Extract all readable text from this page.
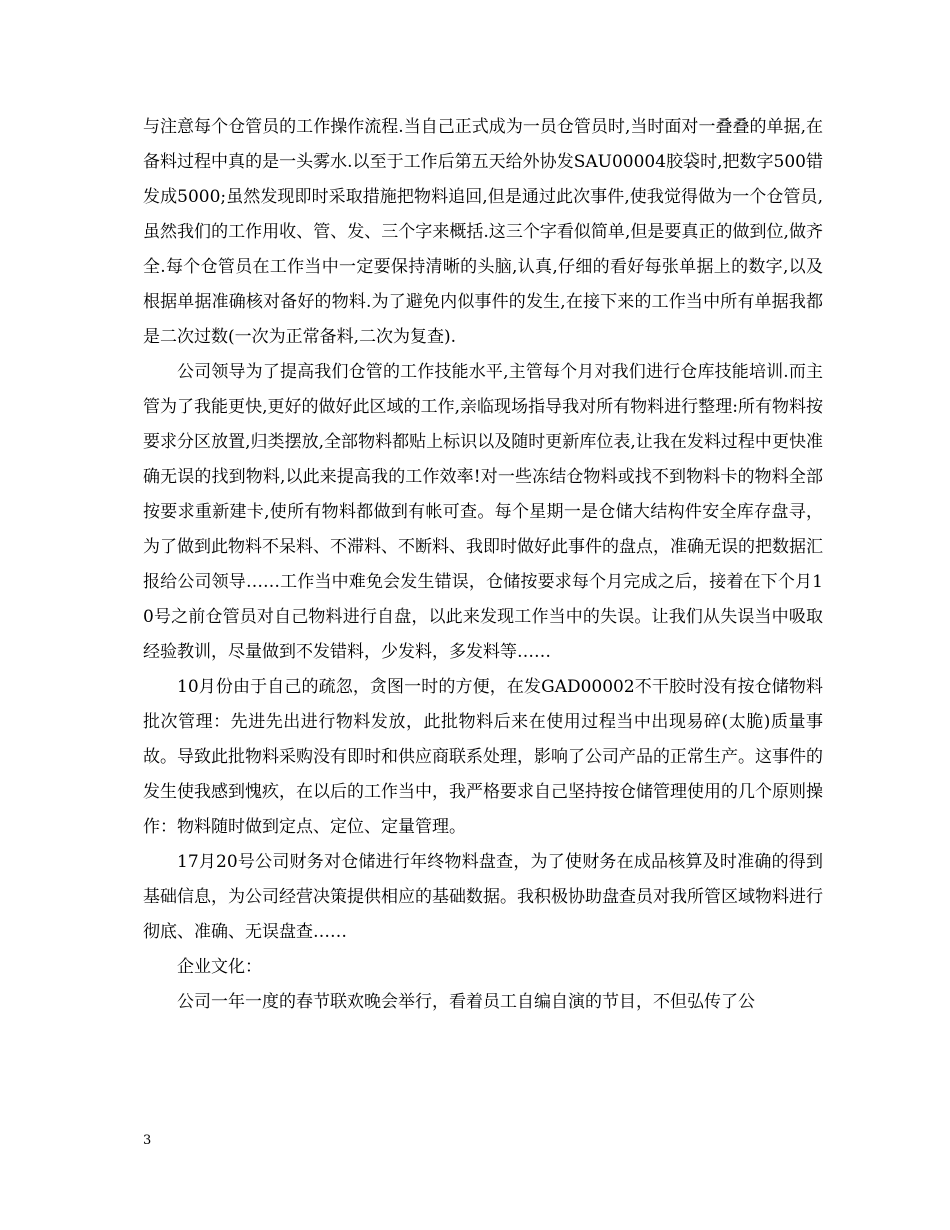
与注意每个仓管员的工作操作流程.当自己正式成为一员仓管员时,当时面对一叠叠的单据,在备料过程中真的是一头雾水.以至于工作后第五天给外协发SAU00004胶袋时,把数字500错发成5000;虽然发现即时采取措施把物料追回,但是通过此次事件,使我觉得做为一个仓管员,虽然我们的工作用收、管、发、三个字来概括.这三个字看似简单,但是要真正的做到位,做齐全.每个仓管员在工作当中一定要保持清晰的头脑,认真,仔细的看好每张单据上的数字,以及根据单据准确核对备好的物料.为了避免内似事件的发生,在接下来的工作当中所有单据我都是二次过数(一次为正常备料,二次为复查).

公司领导为了提高我们仓管的工作技能水平,主管每个月对我们进行仓库技能培训.而主管为了我能更快,更好的做好此区域的工作,亲临现场指导我对所有物料进行整理:所有物料按要求分区放置,归类摆放,全部物料都贴上标识以及随时更新库位表,让我在发料过程中更快准确无误的找到物料,以此来提高我的工作效率!对一些冻结仓物料或找不到物料卡的物料全部按要求重新建卡,使所有物料都做到有帐可查。每个星期一是仓储大结构件安全库存盘寻，为了做到此物料不呆料、不滞料、不断料、我即时做好此事件的盘点，准确无误的把数据汇报给公司领导……工作当中难免会发生错误，仓储按要求每个月完成之后，接着在下个月10号之前仓管员对自己物料进行自盘，以此来发现工作当中的失误。让我们从失误当中吸取经验教训，尽量做到不发错料，少发料，多发料等……

10月份由于自己的疏忽，贪图一时的方便，在发GAD00002不干胶时没有按仓储物料批次管理：先进先出进行物料发放，此批物料后来在使用过程当中出现易碎(太脆)质量事故。导致此批物料采购没有即时和供应商联系处理，影响了公司产品的正常生产。这事件的发生使我感到愧疚，在以后的工作当中，我严格要求自己坚持按仓储管理使用的几个原则操作：物料随时做到定点、定位、定量管理。

17月20号公司财务对仓储进行年终物料盘查，为了使财务在成品核算及时准确的得到基础信息，为公司经营决策提供相应的基础数据。我积极协助盘查员对我所管区域物料进行彻底、准确、无误盘查……

企业文化：

公司一年一度的春节联欢晚会举行，看着员工自编自演的节目，不但弘传了公

3
